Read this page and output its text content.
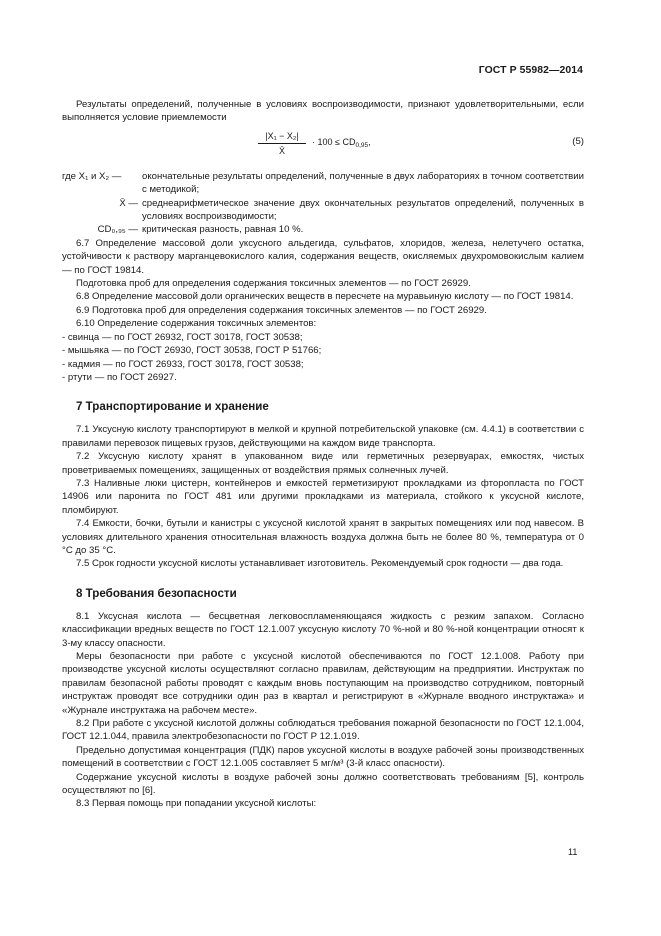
ГОСТ Р 55982—2014

Результаты определений, полученные в условиях воспроизводимости, признают удовлетворительными, если выполняется условие приемлемости

$\frac{\text{|X₁ − X₂|}}{X̄} \cdot 100 \le CD_{0,95}$,	(5)
где X₁ и X₂ —	окончательные результаты определений, полученные в двух лабораториях в точном соответствии с методикой;
X̄ — среднеарифметическое значение двух окончательных результатов определений, полученных в условиях воспроизводимости;
CD₀,₉₅ — критическая разность, равная 10 %.

6.7 Определение массовой доли уксусного альдегида, сульфатов, хлоридов, железа, нелетучего остатка, устойчивости к раствору марганцевокислого калия, содержания веществ, окисляемых двухромовокислым калием — по ГОСТ 19814.

Подготовка проб для определения содержания токсичных элементов — по ГОСТ 26929.

6.8 Определение массовой доли органических веществ в пересчете на муравьиную кислоту — по ГОСТ 19814.

6.9 Подготовка проб для определения содержания токсичных элементов — по ГОСТ 26929.

6.10 Определение содержания токсичных элементов:

- свинца — по ГОСТ 26932, ГОСТ 30178, ГОСТ 30538;

- мышьяка — по ГОСТ 26930, ГОСТ 30538, ГОСТ Р 51766;

- кадмия — по ГОСТ 26933, ГОСТ 30178, ГОСТ 30538;

- ртути — по ГОСТ 26927.

7 Транспортирование и хранение

7.1 Уксусную кислоту транспортируют в мелкой и крупной потребительской упаковке (см. 4.4.1) в соответствии с правилами перевозок пищевых грузов, действующими на каждом виде транспорта.

7.2 Уксусную кислоту хранят в упакованном виде или герметичных резервуарах, емкостях, чистых проветриваемых помещениях, защищенных от воздействия прямых солнечных лучей.

7.3 Наливные люки цистерн, контейнеров и емкостей герметизируют прокладками из фторопласта по ГОСТ 14906 или паронита по ГОСТ 481 или другими прокладками из материала, стойкого к уксусной кислоте, пломбируют.

7.4 Емкости, бочки, бутыли и канистры с уксусной кислотой хранят в закрытых помещениях или под навесом. В условиях длительного хранения относительная влажность воздуха должна быть не более 80 %, температура от 0 °С до 35 °С.

7.5 Срок годности уксусной кислоты устанавливает изготовитель. Рекомендуемый срок годности — два года.

8 Требования безопасности

8.1 Уксусная кислота — бесцветная легковоспламеняющаяся жидкость с резким запахом. Согласно классификации вредных веществ по ГОСТ 12.1.007 уксусную кислоту 70 %-ной и 80 %-ной концентрации относят к 3-му классу опасности.

Меры безопасности при работе с уксусной кислотой обеспечиваются по ГОСТ 12.1.008. Работу при производстве уксусной кислоты осуществляют согласно правилам, действующим на предприятии. Инструктаж по правилам безопасной работы проводят с каждым вновь поступающим на производство сотрудником, повторный инструктаж проводят все сотрудники один раз в квартал и регистрируют в «Журнале вводного инструктажа» и «Журнале инструктажа на рабочем месте».

8.2 При работе с уксусной кислотой должны соблюдаться требования пожарной безопасности по ГОСТ 12.1.004, ГОСТ 12.1.044, правила электробезопасности по ГОСТ Р 12.1.019.

Предельно допустимая концентрация (ПДК) паров уксусной кислоты в воздухе рабочей зоны производственных помещений в соответствии с ГОСТ 12.1.005 составляет 5 мг/м³ (3-й класс опасности).

Содержание уксусной кислоты в воздухе рабочей зоны должно соответствовать требованиям [5], контроль осуществляют по [6].

8.3 Первая помощь при попадании уксусной кислоты:

11
